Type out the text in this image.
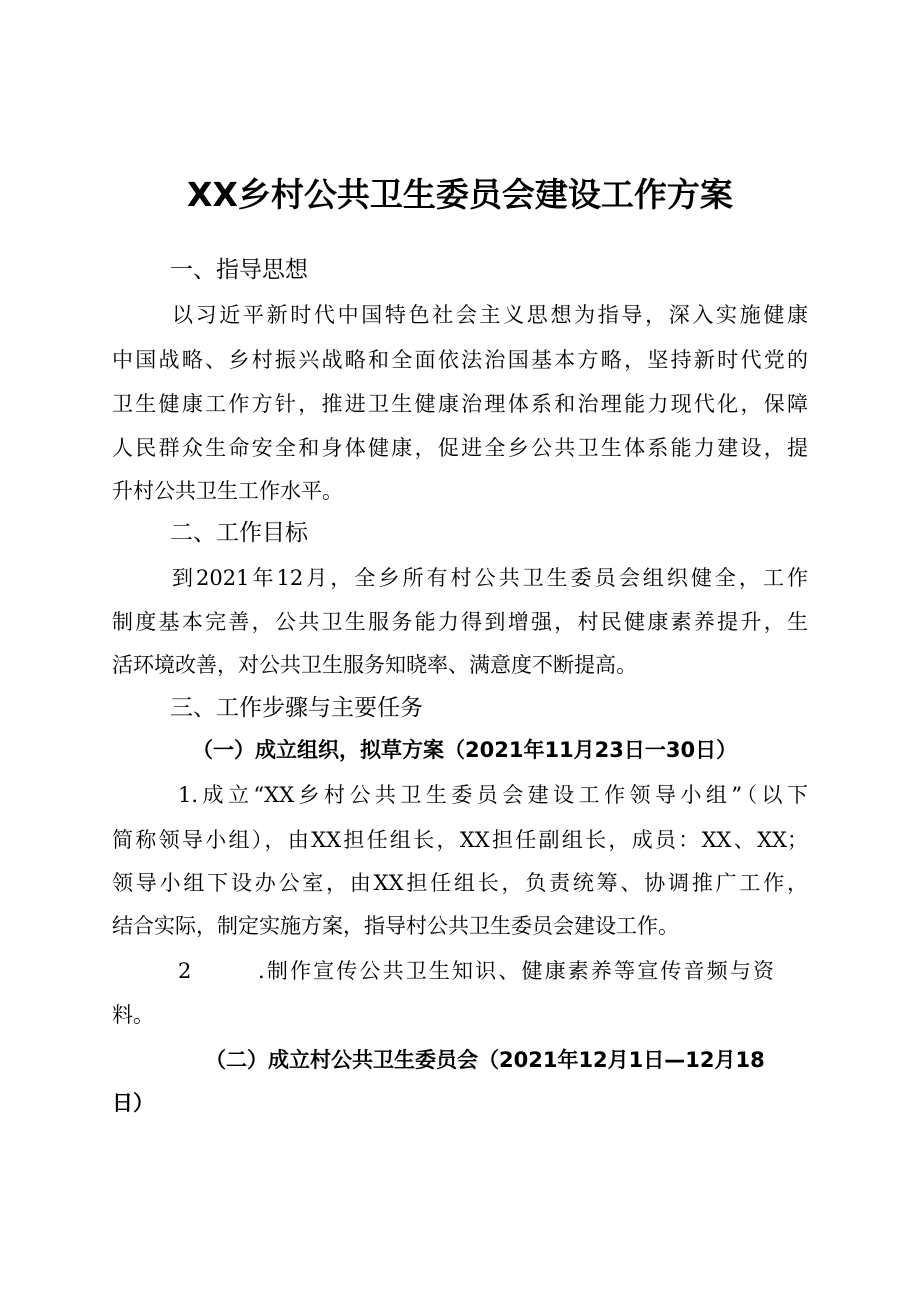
XX乡村公共卫生委员会建设工作方案
一、指导思想
以习近平新时代中国特色社会主义思想为指导，深入实施健康
中国战略、乡村振兴战略和全面依法治国基本方略，坚持新时代党的
卫生健康工作方针，推进卫生健康治理体系和治理能力现代化，保障
人民群众生命安全和身体健康，促进全乡公共卫生体系能力建设，提
升村公共卫生工作水平。
二、工作目标
到2021年12月，全乡所有村公共卫生委员会组织健全，工作
制度基本完善，公共卫生服务能力得到增强，村民健康素养提升，生
活环境改善，对公共卫生服务知晓率、满意度不断提高。
三、工作步骤与主要任务
（一）成立组织，拟草方案（2021年11月23日一30日）
1.成立“XX乡村公共卫生委员会建设工作领导小组”（以下
简称领导小组），由XX担任组长，XX担任副组长，成员：XX、XX；
领导小组下设办公室，由XX担任组长，负责统筹、协调推广工作，
结合实际，制定实施方案，指导村公共卫生委员会建设工作。
2	.制作宣传公共卫生知识、健康素养等宣传音频与资
料。
（二）成立村公共卫生委员会（2021年12月1日—12月18
日）
